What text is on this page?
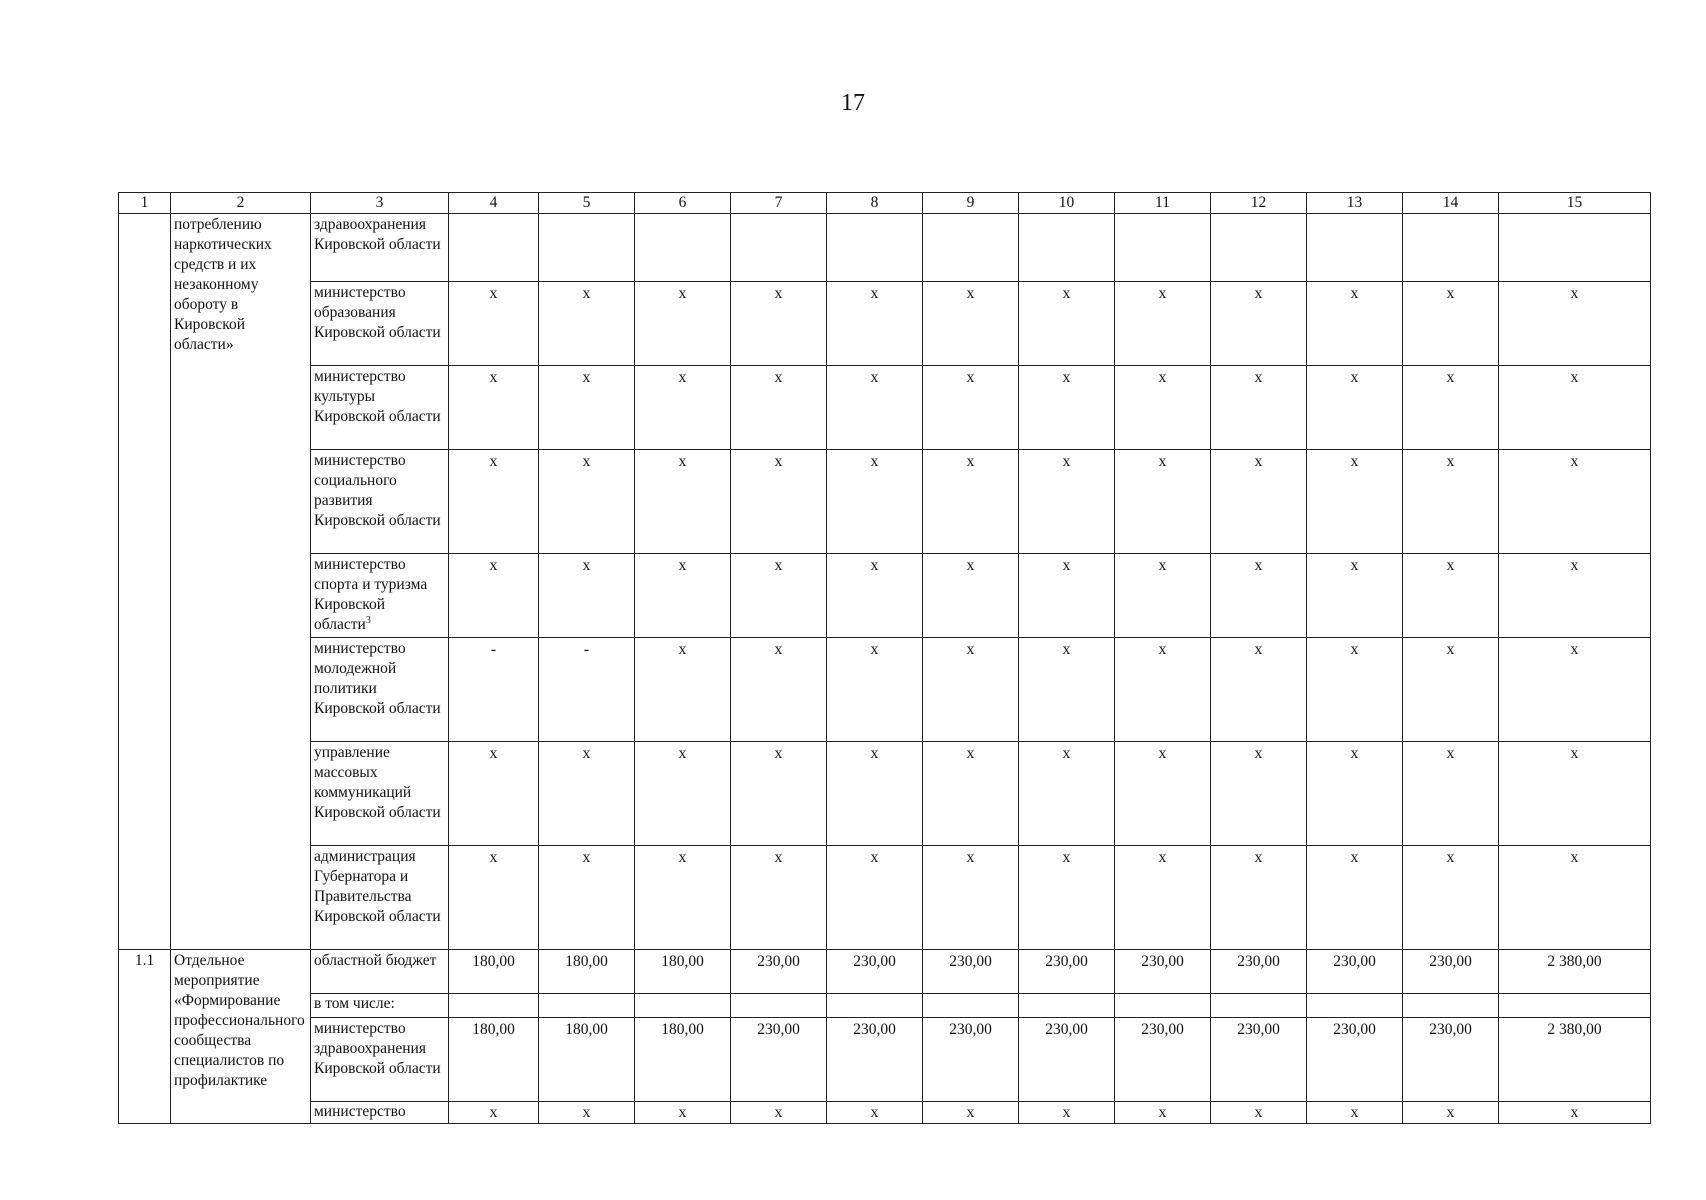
17
1	2	3	4	5	6	7	8	9	10	11	12	13	14	15
	потреблению наркотических средств и их незаконному обороту в Кировской области»	здравоохранения Кировской области												
		министерство образования Кировской области	x	x	x	x	x	x	x	x	x	x	x	x
		министерство культуры Кировской области	x	x	x	x	x	x	x	x	x	x	x	x
		министерство социального развития Кировской области	x	x	x	x	x	x	x	x	x	x	x	x
		министерство спорта и туризма Кировской области$^3$	x	x	x	x	x	x	x	x	x	x	x	x
		министерство молодежной политики Кировской области	-	-	x	x	x	x	x	x	x	x	x	x
		управление массовых коммуникаций Кировской области	x	x	x	x	x	x	x	x	x	x	x	x
		администрация Губернатора и Правительства Кировской области	x	x	x	x	x	x	x	x	x	x	x	x
1.1	Отдельное мероприятие «Формирование профессионального сообщества специалистов по профилактике	областной бюджет	180,00	180,00	180,00	230,00	230,00	230,00	230,00	230,00	230,00	230,00	230,00	2 380,00
		в том числе:												
		министерство здравоохранения Кировской области	180,00	180,00	180,00	230,00	230,00	230,00	230,00	230,00	230,00	230,00	230,00	2 380,00
		министерство	x	x	x	x	x	x	x	x	x	x	x	x
